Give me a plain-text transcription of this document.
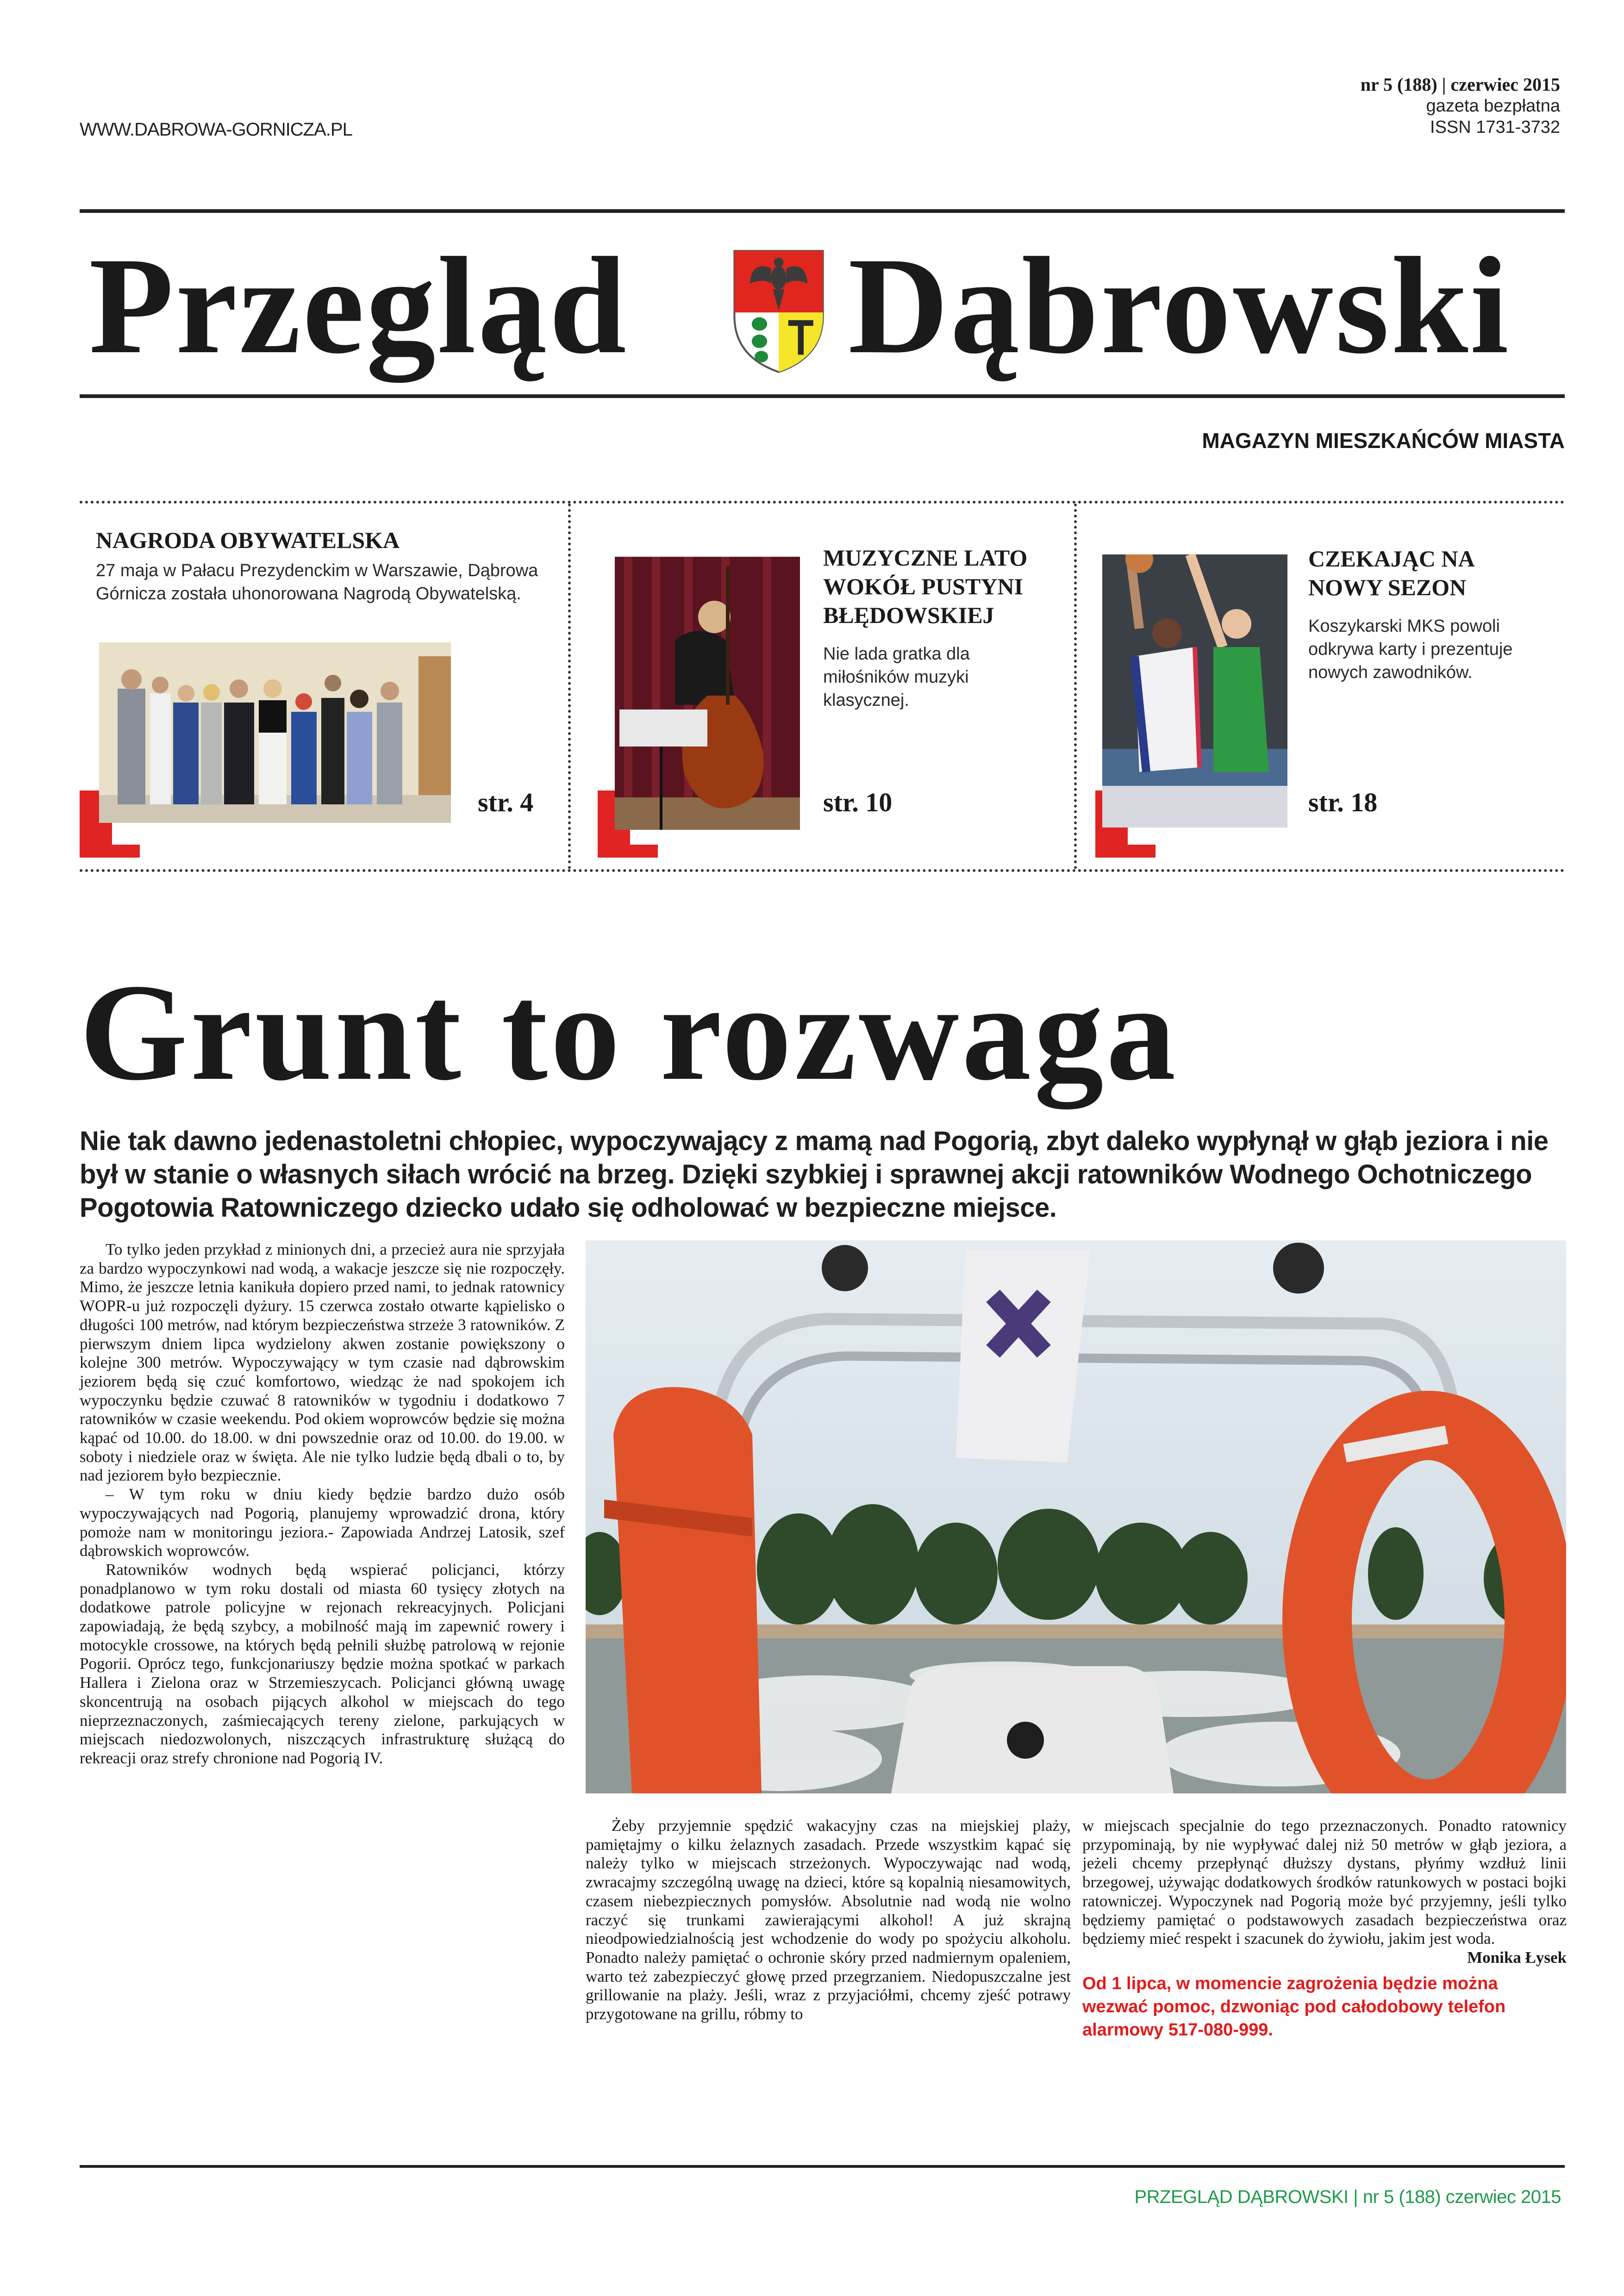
WWW.DABROWA-GORNICZA.PL
nr 5 (188) | czerwiec 2015
gazeta bezpłatna
ISSN 1731-3732
Przegląd Dąbrowski
MAGAZYN MIESZKAŃCÓW MIASTA
NAGRODA OBYWATELSKA
27 maja w Pałacu Prezydenckim w Warszawie, Dąbrowa Górnicza została uhonorowana Nagrodą Obywatelską.
str. 4
MUZYCZNE LATO WOKÓŁ PUSTYNI BŁĘDOWSKIEJ
Nie lada gratka dla miłośników muzyki klasycznej.
str. 10
CZEKAJĄC NA NOWY SEZON
Koszykarski MKS powoli odkrywa karty i prezentuje nowych zawodników.
str. 18
Grunt to rozwaga
Nie tak dawno jedenastoletni chłopiec, wypoczywający z mamą nad Pogorią, zbyt daleko wypłynął w głąb jeziora i nie był w stanie o własnych siłach wrócić na brzeg. Dzięki szybkiej i sprawnej akcji ratowników Wodnego Ochotniczego Pogotowia Ratowniczego dziecko udało się odholować w bezpieczne miejsce.

To tylko jeden przykład z minionych dni, a przecież aura nie sprzyjała za bardzo wypoczynkowi nad wodą, a wakacje jeszcze się nie rozpoczęły. Mimo, że jeszcze letnia kanikuła dopiero przed nami, to jednak ratownicy WOPR-u już rozpoczęli dyżury. 15 czerwca zostało otwarte kąpielisko o długości 100 metrów, nad którym bezpieczeństwa strzeże 3 ratowników. Z pierwszym dniem lipca wydzielony akwen zostanie powiększony o kolejne 300 metrów. Wypoczywający w tym czasie nad dąbrowskim jeziorem będą się czuć komfortowo, wiedząc że nad spokojem ich wypoczynku będzie czuwać 8 ratowników w tygodniu i dodatkowo 7 ratowników w czasie weekendu. Pod okiem woprowców będzie się można kąpać od 10.00. do 18.00. w dni powszednie oraz od 10.00. do 19.00. w soboty i niedziele oraz w święta. Ale nie tylko ludzie będą dbali o to, by nad jeziorem było bezpiecznie.

– W tym roku w dniu kiedy będzie bardzo dużo osób wypoczywających nad Pogorią, planujemy wprowadzić drona, który pomoże nam w monitoringu jeziora.- Zapowiada Andrzej Latosik, szef dąbrowskich woprowców.

Ratowników wodnych będą wspierać policjanci, którzy ponadplanowo w tym roku dostali od miasta 60 tysięcy złotych na dodatkowe patrole policyjne w rejonach rekreacyjnych. Policjani zapowiadają, że będą szybcy, a mobilność mają im zapewnić rowery i motocykle crossowe, na których będą pełnili służbę patrolową w rejonie Pogorii. Oprócz tego, funkcjonariuszy będzie można spotkać w parkach Hallera i Zielona oraz w Strzemieszycach. Policjanci główną uwagę skoncentrują na osobach pijących alkohol w miejscach do tego nieprzeznaczonych, zaśmiecających tereny zielone, parkujących w miejscach niedozwolonych, niszczących infrastrukturę służącą do rekreacji oraz strefy chronione nad Pogorią IV.

Żeby przyjemnie spędzić wakacyjny czas na miejskiej plaży, pamiętajmy o kilku żelaznych zasadach. Przede wszystkim kąpać się należy tylko w miejscach strzeżonych. Wypoczywając nad wodą, zwracajmy szczególną uwagę na dzieci, które są kopalnią niesamowitych, czasem niebezpiecznych pomysłów. Absolutnie nad wodą nie wolno raczyć się trunkami zawierającymi alkohol! A już skrajną nieodpowiedzialnością jest wchodzenie do wody po spożyciu alkoholu. Ponadto należy pamiętać o ochronie skóry przed nadmiernym opaleniem, warto też zabezpieczyć głowę przed przegrzaniem. Niedopuszczalne jest grillowanie na plaży. Jeśli, wraz z przyjaciółmi, chcemy zjeść potrawy przygotowane na grillu, róbmy to

w miejscach specjalnie do tego przeznaczonych. Ponadto ratownicy przypominają, by nie wypływać dalej niż 50 metrów w głąb jeziora, a jeżeli chcemy przepłynąć dłuższy dystans, płyńmy wzdłuż linii brzegowej, używając dodatkowych środków ratunkowych w postaci bojki ratowniczej. Wypoczynek nad Pogorią może być przyjemny, jeśli tylko będziemy pamiętać o podstawowych zasadach bezpieczeństwa oraz będziemy mieć respekt i szacunek do żywiołu, jakim jest woda.

Monika Łysek

Od 1 lipca, w momencie zagrożenia będzie można wezwać pomoc, dzwoniąc pod całodobowy telefon alarmowy 517-080-999.

PRZEGLĄD DĄBROWSKI | nr 5 (188) czerwiec 2015
